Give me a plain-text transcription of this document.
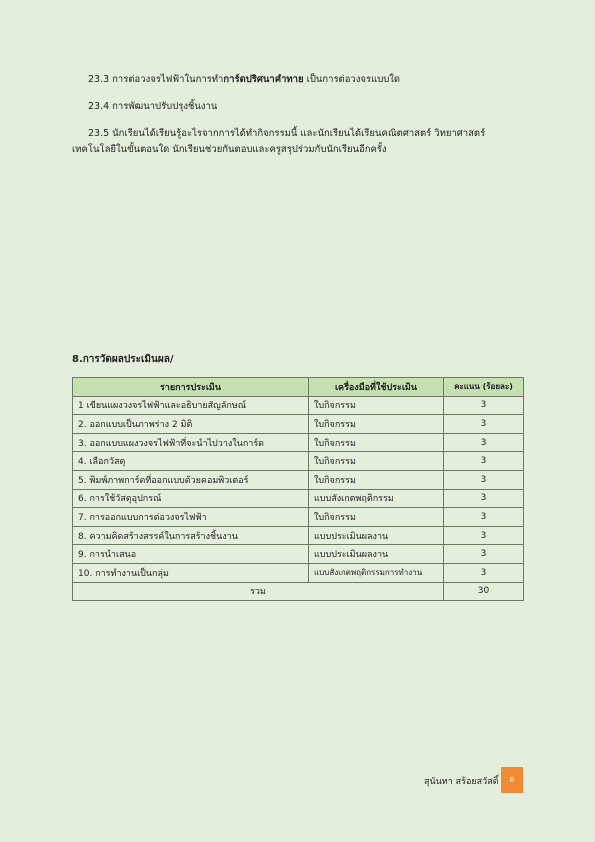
23.3 การต่อวงจรไฟฟ้าในการทำการ์ดปริศนาคำทาย เป็นการต่อวงจรแบบใด
23.4 การพัฒนาปรับปรุงชิ้นงาน
23.5 นักเรียนได้เรียนรู้อะไรจากการได้ทำกิจกรรมนี้ และนักเรียนได้เรียนคณิตศาสตร์ วิทยาศาสตร์ เทคโนโลยีในขั้นตอนใด นักเรียนช่วยกันตอบและครูสรุปร่วมกับนักเรียนอีกครั้ง
8.การวัดผลประเมินผล/
รายการประเมิน	เครื่องมือที่ใช้ประเมิน	คะแนน (ร้อยละ)
1 เขียนแผงวงจรไฟฟ้าและอธิบายสัญลักษณ์	ใบกิจกรรม	3
2. ออกแบบเป็นภาพร่าง 2 มิติ	ใบกิจกรรม	3
3. ออกแบบแผงวงจรไฟฟ้าที่จะนำไปวางในการ์ด	ใบกิจกรรม	3
4. เลือกวัสดุ	ใบกิจกรรม	3
5. พิมพ์ภาพการ์ดที่ออกแบบด้วยคอมพิวเตอร์	ใบกิจกรรม	3
6. การใช้วัสดุอุปกรณ์	แบบสังเกตพฤติกรรม	3
7. การออกแบบการต่อวงจรไฟฟ้า	ใบกิจกรรม	3
8. ความคิดสร้างสรรค์ในการสร้างชิ้นงาน	แบบประเมินผลงาน	3
9. การนำเสนอ	แบบประเมินผลงาน	3
10. การทำงานเป็นกลุ่ม	แบบสังเกตพฤติกรรมการทำงาน	3
รวม		30
สุนันทา สร้อยสวัสดิ์	8
